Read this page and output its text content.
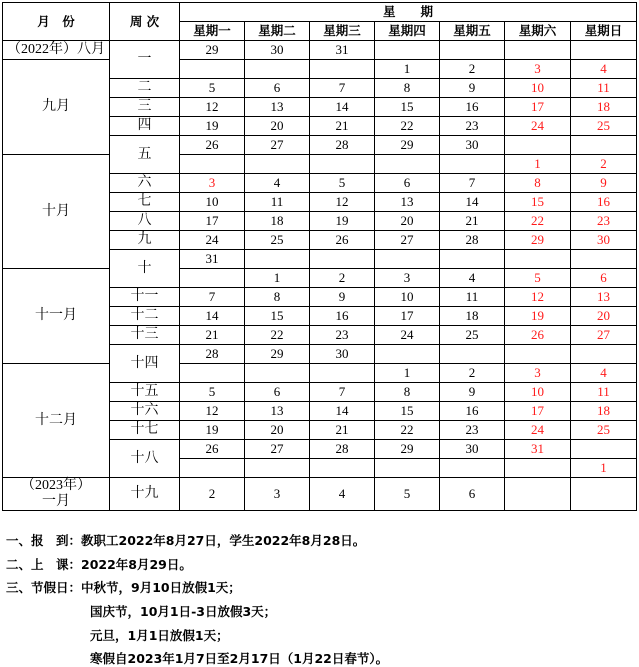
月　份	周 次	星　　期						
		星期一	星期二	星期三	星期四	星期五	星期六	星期日
（2022年）八月	一	29	30	31				
九月					1	2	3	4
	二	5	6	7	8	9	10	11
	三	12	13	14	15	16	17	18
	四	19	20	21	22	23	24	25
	五	26	27	28	29	30		
十月							1	2
	六	3	4	5	6	7	8	9
	七	10	11	12	13	14	15	16
	八	17	18	19	20	21	22	23
	九	24	25	26	27	28	29	30
	十	31						
十一月			1	2	3	4	5	6
	十一	7	8	9	10	11	12	13
	十二	14	15	16	17	18	19	20
	十三	21	22	23	24	25	26	27
	十四	28	29	30				
十二月					1	2	3	4
	十五	5	6	7	8	9	10	11
	十六	12	13	14	15	16	17	18
	十七	19	20	21	22	23	24	25
	十八	26	27	28	29	30	31	
								1
（2023年）
一月	十九	2	3	4	5	6		
一、报　到：教职工2022年8月27日，学生2022年8月28日。
二、上　课：2022年8月29日。
三、节假日：中秋节，9月10日放假1天；
国庆节，10月1日-3日放假3天；
元旦，1月1日放假1天；
寒假自2023年1月7日至2月17日（1月22日春节）。
